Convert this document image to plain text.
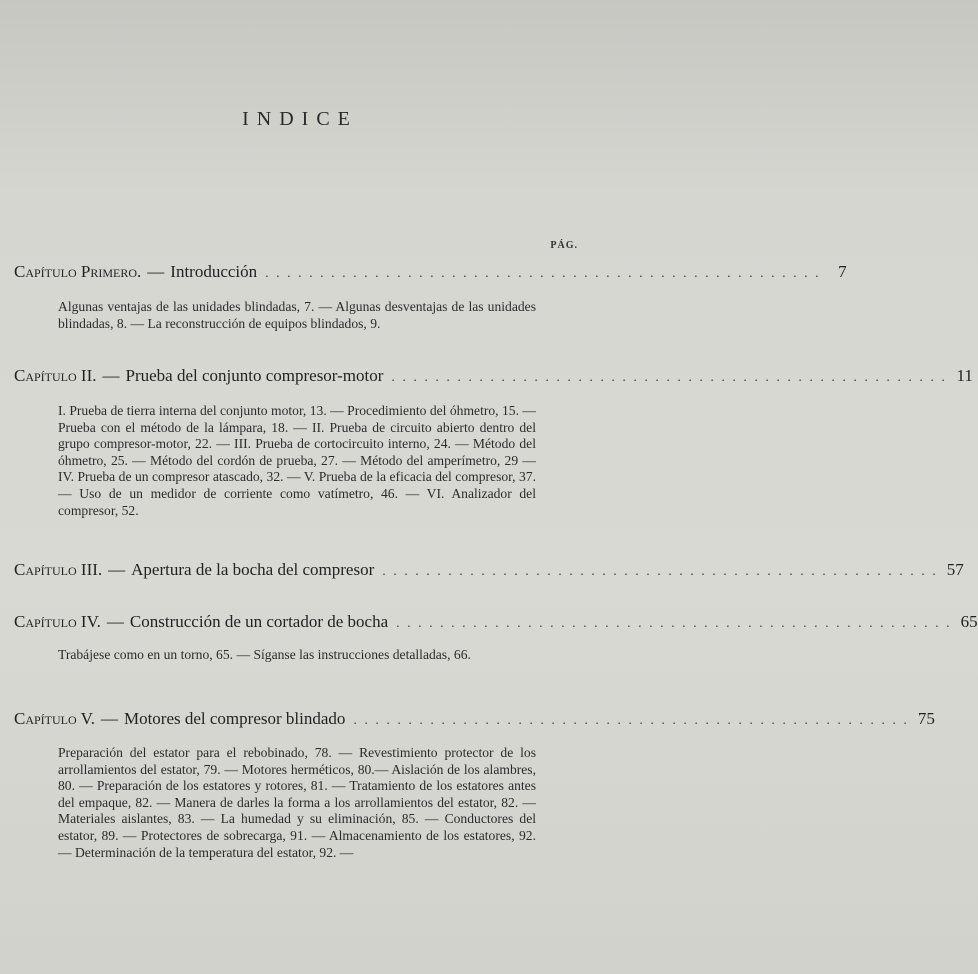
INDICE
PÁG.
Capítulo Primero. — Introducción . . . . . . . . . . . . . . . . . . . . . . . . . . . . . . . . . . . . . . . . . . . . . . . . . . .	7
Algunas ventajas de las unidades blindadas, 7. — Algunas desventajas de las unidades blindadas, 8. — La reconstrucción de equipos blindados, 9.
Capítulo II. — Prueba del conjunto compresor-motor . . . . . . . . . . . . . . . . . . . . . . . . . . . . . . . . . . . . . . . . . . . . . . . . . . . 11
I. Prueba de tierra interna del conjunto motor, 13. — Procedimiento del óhmetro, 15. — Prueba con el método de la lámpara, 18. — II. Prueba de circuito abierto dentro del grupo compresor-motor, 22. — III. Prueba de cortocircuito interno, 24. — Método del óhmetro, 25. — Método del cordón de prueba, 27. — Método del amperímetro, 29 — IV. Prueba de un compresor atascado, 32. — V. Prueba de la eficacia del compresor, 37. — Uso de un medidor de corriente como vatímetro, 46. — VI. Analizador del compresor, 52.
Capítulo III. — Apertura de la bocha del compresor . . . . . . . . . . . . . . . . . . . . . . . . . . . . . . . . . . . . . . . . . . . . . . . . . . . 57
Capítulo IV. — Construcción de un cortador de bocha . . . . . . . . . . . . . . . . . . . . . . . . . . . . . . . . . . . . . . . . . . . . . . . . . . . 65
Trabájese como en un torno, 65. — Síganse las instrucciones detalladas, 66.
Capítulo V. — Motores del compresor blindado . . . . . . . . . . . . . . . . . . . . . . . . . . . . . . . . . . . . . . . . . . . . . . . . . . . 75
Preparación del estator para el rebobinado, 78. — Revestimiento protector de los arrollamientos del estator, 79. — Motores herméticos, 80.— Aislación de los alambres, 80. — Preparación de los estatores y rotores, 81. — Tratamiento de los estatores antes del empaque, 82. — Manera de darles la forma a los arrollamientos del estator, 82. — Materiales aislantes, 83. — La humedad y su eliminación, 85. — Conductores del estator, 89. — Protectores de sobrecarga, 91. — Almacenamiento de los estatores, 92. — Determinación de la temperatura del estator, 92. —
